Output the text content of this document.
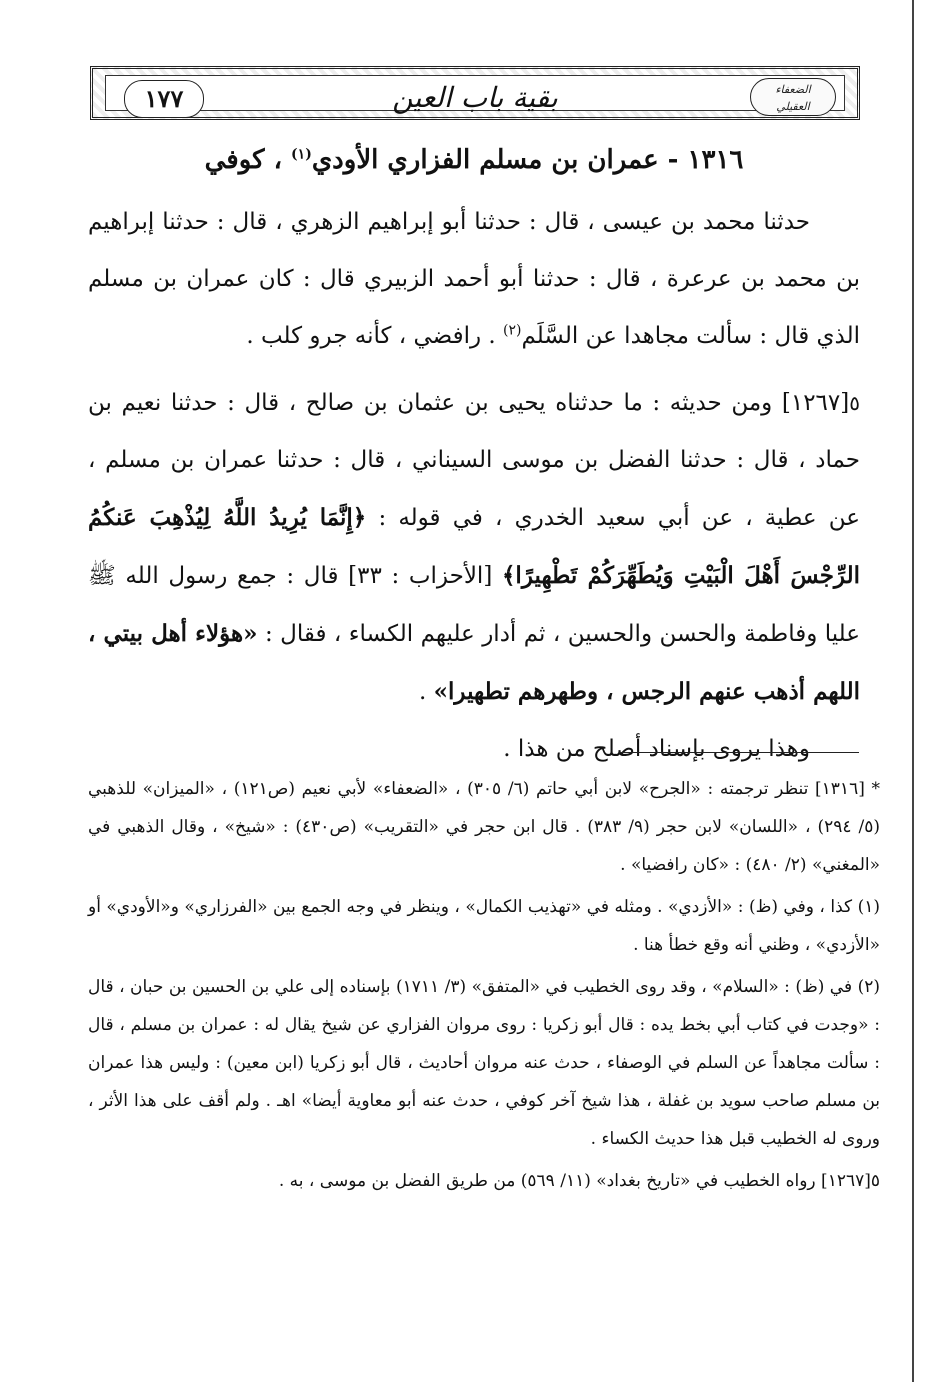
١٧٧	بقية باب العين	الضعفاء
العقيلي
١٣١٦ - عمران بن مسلم الفزاري الأودي$^{(١)}$ ، كوفي

حدثنا محمد بن عيسى ، قال : حدثنا أبو إبراهيم الزهري ، قال : حدثنا إبراهيم بن محمد بن عرعرة ، قال : حدثنا أبو أحمد الزبيري قال : كان عمران بن مسلم الذي قال : سألت مجاهدا عن السَّلَم$^{(٢)}$ . رافضي ، كأنه جرو كلب .

٥[١٢٦٧] ومن حديثه : ما حدثناه يحيى بن عثمان بن صالح ، قال : حدثنا نعيم بن حماد ، قال : حدثنا الفضل بن موسى السيناني ، قال : حدثنا عمران بن مسلم ، عن عطية ، عن أبي سعيد الخدري ، في قوله : ﴿إِنَّمَا يُرِيدُ اللَّهُ لِيُذْهِبَ عَنكُمُ الرِّجْسَ أَهْلَ الْبَيْتِ وَيُطَهِّرَكُمْ تَطْهِيرًا﴾ [الأحزاب : ٣٣] قال : جمع رسول الله ﷺ عليا وفاطمة والحسن والحسين ، ثم أدار عليهم الكساء ، فقال : «هؤلاء أهل بيتي ، اللهم أذهب عنهم الرجس ، وطهرهم تطهيرا» .

وهذا يروى بإسناد أصلح من هذا .

* [١٣١٦] تنظر ترجمته : «الجرح» لابن أبي حاتم (٦/ ٣٠٥) ، «الضعفاء» لأبي نعيم (ص١٢١) ، «الميزان» للذهبي (٥/ ٢٩٤) ، «اللسان» لابن حجر (٩/ ٣٨٣) . قال ابن حجر في «التقريب» (ص٤٣٠) : «شيخ» ، وقال الذهبي في «المغني» (٢/ ٤٨٠) : «كان رافضيا» .

(١) كذا ، وفي (ظ) : «الأزدي» . ومثله في «تهذيب الكمال» ، وينظر في وجه الجمع بين «الفرزاري» و«الأودي» أو «الأزدي» ، وظني أنه وقع خطأ هنا .

(٢) في (ظ) : «السلام» ، وقد روى الخطيب في «المتفق» (٣/ ١٧١١) بإسناده إلى علي بن الحسين بن حبان ، قال : «وجدت في كتاب أبي بخط يده : قال أبو زكريا : روى مروان الفزاري عن شيخ يقال له : عمران بن مسلم ، قال : سألت مجاهداً عن السلم في الوصفاء ، حدث عنه مروان أحاديث ، قال أبو زكريا (ابن معين) : وليس هذا عمران بن مسلم صاحب سويد بن غفلة ، هذا شيخ آخر كوفي ، حدث عنه أبو معاوية أيضا» اهـ . ولم أقف على هذا الأثر ، وروى له الخطيب قبل هذا حديث الكساء .

٥[١٢٦٧] رواه الخطيب في «تاريخ بغداد» (١١/ ٥٦٩) من طريق الفضل بن موسى ، به .
